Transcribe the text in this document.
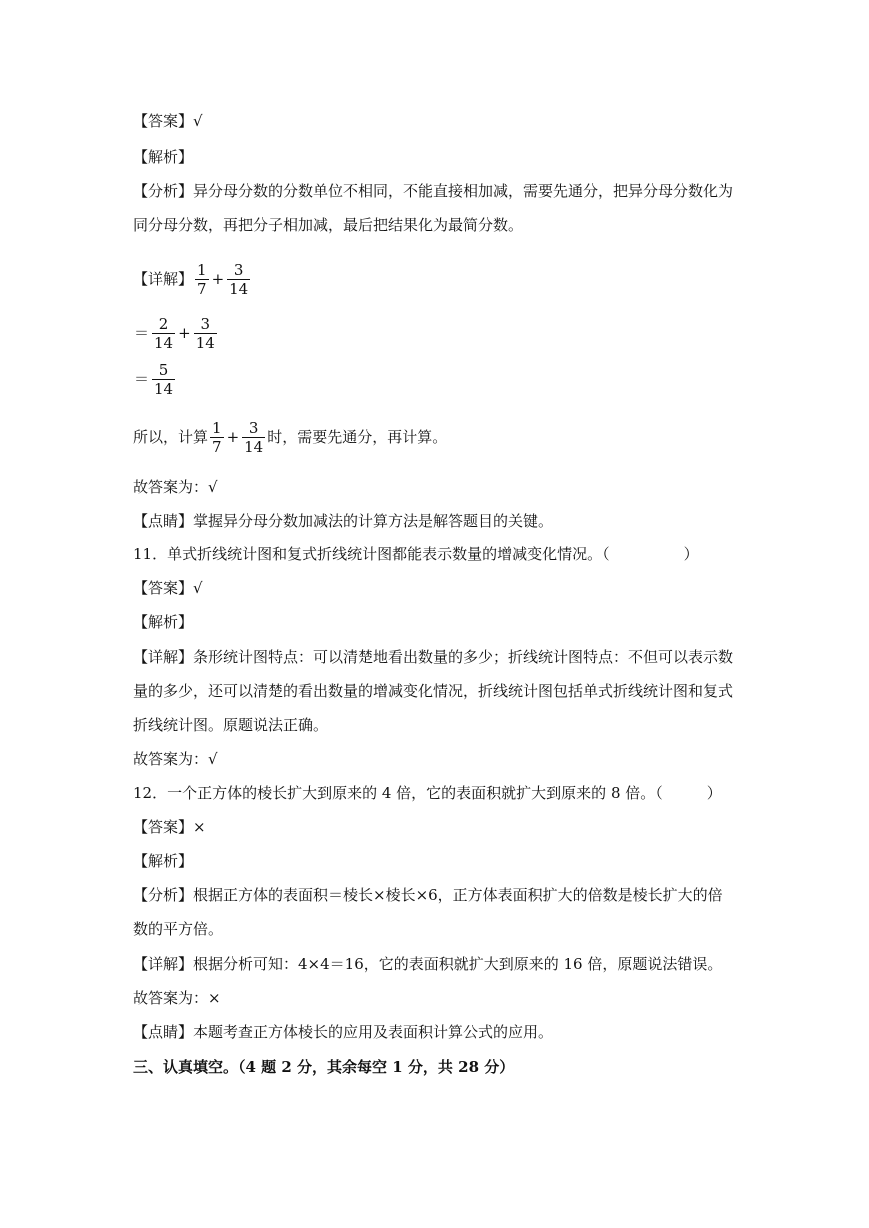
【答案】√
【解析】
【分析】异分母分数的分数单位不相同，不能直接相加减，需要先通分，把异分母分数化为
同分母分数，再把分子相加减，最后把结果化为最简分数。
【详解】 $\frac{1}{7} + \frac{3}{14}$
＝ $\frac{2}{14} + \frac{3}{14}$
＝ $\frac{5}{14}$
所以，计算 $\frac{1}{7} + \frac{3}{14}$ 时，需要先通分，再计算。
故答案为：√
【点睛】掌握异分母分数加减法的计算方法是解答题目的关键。
11．单式折线统计图和复式折线统计图都能表示数量的增减变化情况。（	）
【答案】√
【解析】
【详解】条形统计图特点：可以清楚地看出数量的多少；折线统计图特点：不但可以表示数
量的多少，还可以清楚的看出数量的增减变化情况，折线统计图包括单式折线统计图和复式
折线统计图。原题说法正确。
故答案为：√
12．一个正方体的棱长扩大到原来的 4 倍，它的表面积就扩大到原来的 8 倍。（	）
【答案】×
【解析】
【分析】根据正方体的表面积＝棱长×棱长×6，正方体表面积扩大的倍数是棱长扩大的倍
数的平方倍。
【详解】根据分析可知：4×4＝16，它的表面积就扩大到原来的 16 倍，原题说法错误。
故答案为：×
【点睛】本题考查正方体棱长的应用及表面积计算公式的应用。
三、认真填空。（4 题 2 分，其余每空 1 分，共 28 分）
